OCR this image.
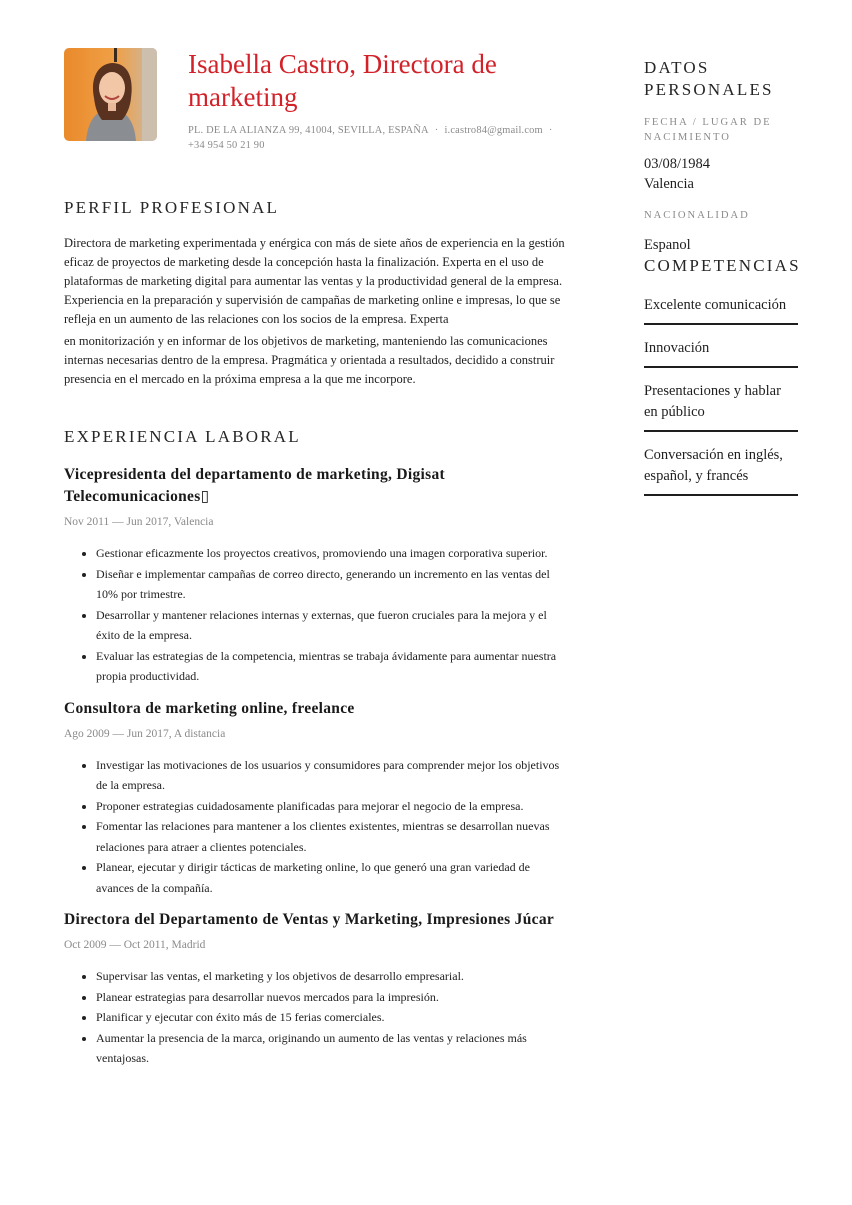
Isabella Castro, Directora de marketing
PL. DE LA ALIANZA 99, 41004, SEVILLA, ESPAÑA · i.castro84@gmail.com ·
+34 954 50 21 90
PERFIL PROFESIONAL

Directora de marketing experimentada y enérgica con más de siete años de experiencia en la gestión eficaz de proyectos de marketing desde la concepción hasta la finalización. Experta en el uso de plataformas de marketing digital para aumentar las ventas y la productividad general de la empresa. Experiencia en la preparación y supervisión de campañas de marketing online e impresas, lo que se refleja en un aumento de las relaciones con los socios de la empresa. Experta

en monitorización y en informar de los objetivos de marketing, manteniendo las comunicaciones internas necesarias dentro de la empresa. Pragmática y orientada a resultados, decidido a construir presencia en el mercado en la próxima empresa a la que me incorpore.

EXPERIENCIA LABORAL
Vicepresidenta del departamento de marketing, Digisat Telecomunicaciones▯
Nov 2011 — Jun 2017, Valencia
• Gestionar eficazmente los proyectos creativos, promoviendo una imagen corporativa superior.
• Diseñar e implementar campañas de correo directo, generando un incremento en las ventas del 10% por trimestre.
• Desarrollar y mantener relaciones internas y externas, que fueron cruciales para la mejora y el éxito de la empresa.
• Evaluar las estrategias de la competencia, mientras se trabaja ávidamente para aumentar nuestra propia productividad.
Consultora de marketing online, freelance
Ago 2009 — Jun 2017, A distancia
• Investigar las motivaciones de los usuarios y consumidores para comprender mejor los objetivos de la empresa.
• Proponer estrategias cuidadosamente planificadas para mejorar el negocio de la empresa.
• Fomentar las relaciones para mantener a los clientes existentes, mientras se desarrollan nuevas relaciones para atraer a clientes potenciales.
• Planear, ejecutar y dirigir tácticas de marketing online, lo que generó una gran variedad de avances de la compañía.
Directora del Departamento de Ventas y Marketing, Impresiones Júcar
Oct 2009 — Oct 2011, Madrid
• Supervisar las ventas, el marketing y los objetivos de desarrollo empresarial.
• Planear estrategias para desarrollar nuevos mercados para la impresión.
• Planificar y ejecutar con éxito más de 15 ferias comerciales.
• Aumentar la presencia de la marca, originando un aumento de las ventas y relaciones más ventajosas.
DATOS PERSONALES
FECHA / LUGAR DE NACIMIENTO
03/08/1984
Valencia
NACIONALIDAD
Espanol
COMPETENCIAS
Excelente comunicación
Innovación
Presentaciones y hablar en público
Conversación en inglés, español, y francés
